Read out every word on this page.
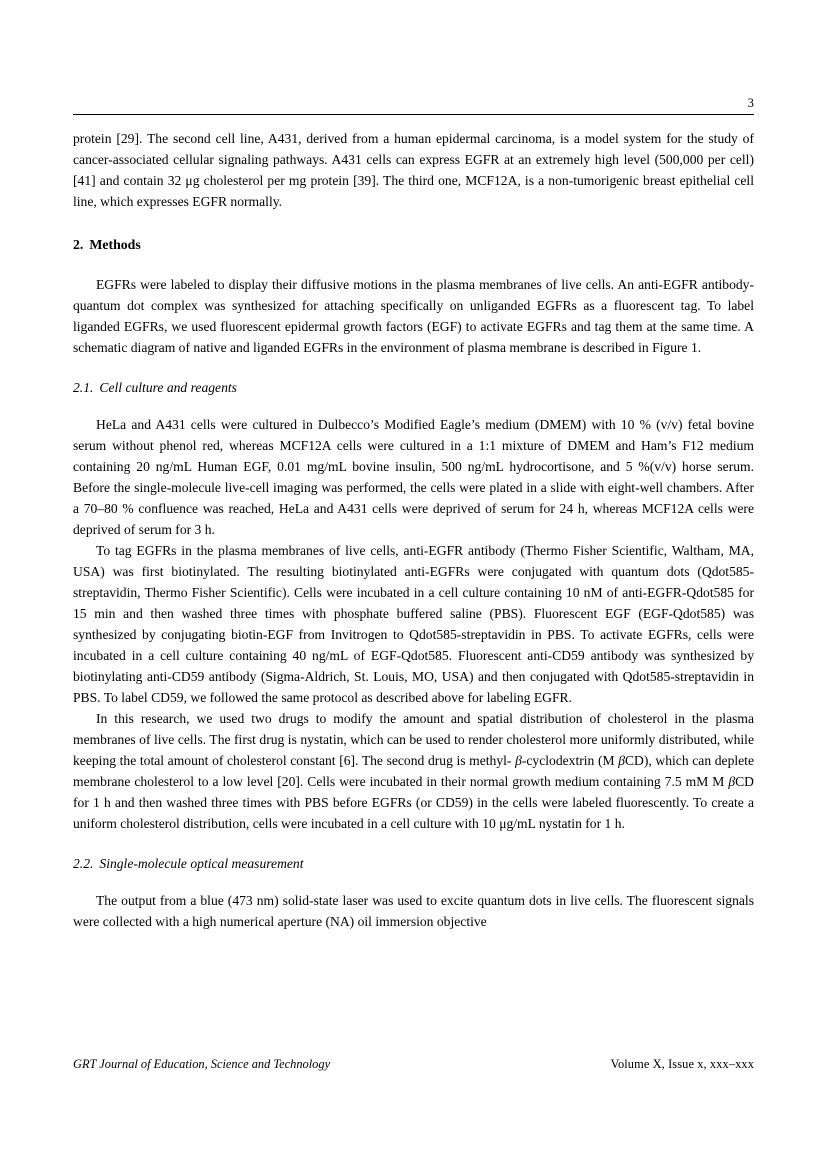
3

protein [29]. The second cell line, A431, derived from a human epidermal carcinoma, is a model system for the study of cancer-associated cellular signaling pathways. A431 cells can express EGFR at an extremely high level (500,000 per cell) [41] and contain 32 μg cholesterol per mg protein [39]. The third one, MCF12A, is a non-tumorigenic breast epithelial cell line, which expresses EGFR normally.

2. Methods

EGFRs were labeled to display their diffusive motions in the plasma membranes of live cells. An anti-EGFR antibody-quantum dot complex was synthesized for attaching specifically on unliganded EGFRs as a fluorescent tag. To label liganded EGFRs, we used fluorescent epidermal growth factors (EGF) to activate EGFRs and tag them at the same time. A schematic diagram of native and liganded EGFRs in the environment of plasma membrane is described in Figure 1.

2.1. Cell culture and reagents

HeLa and A431 cells were cultured in Dulbecco’s Modified Eagle’s medium (DMEM) with 10 % (v/v) fetal bovine serum without phenol red, whereas MCF12A cells were cultured in a 1:1 mixture of DMEM and Ham’s F12 medium containing 20 ng/mL Human EGF, 0.01 mg/mL bovine insulin, 500 ng/mL hydrocortisone, and 5 %(v/v) horse serum. Before the single-molecule live-cell imaging was performed, the cells were plated in a slide with eight-well chambers. After a 70–80 % confluence was reached, HeLa and A431 cells were deprived of serum for 24 h, whereas MCF12A cells were deprived of serum for 3 h.

To tag EGFRs in the plasma membranes of live cells, anti-EGFR antibody (Thermo Fisher Scientific, Waltham, MA, USA) was first biotinylated. The resulting biotinylated anti-EGFRs were conjugated with quantum dots (Qdot585-streptavidin, Thermo Fisher Scientific). Cells were incubated in a cell culture containing 10 nM of anti-EGFR-Qdot585 for 15 min and then washed three times with phosphate buffered saline (PBS). Fluorescent EGF (EGF-Qdot585) was synthesized by conjugating biotin-EGF from Invitrogen to Qdot585-streptavidin in PBS. To activate EGFRs, cells were incubated in a cell culture containing 40 ng/mL of EGF-Qdot585. Fluorescent anti-CD59 antibody was synthesized by biotinylating anti-CD59 antibody (Sigma-Aldrich, St. Louis, MO, USA) and then conjugated with Qdot585-streptavidin in PBS. To label CD59, we followed the same protocol as described above for labeling EGFR.

In this research, we used two drugs to modify the amount and spatial distribution of cholesterol in the plasma membranes of live cells. The first drug is nystatin, which can be used to render cholesterol more uniformly distributed, while keeping the total amount of cholesterol constant [6]. The second drug is methyl- β-cyclodextrin (M βCD), which can deplete membrane cholesterol to a low level [20]. Cells were incubated in their normal growth medium containing 7.5 mM M βCD for 1 h and then washed three times with PBS before EGFRs (or CD59) in the cells were labeled fluorescently. To create a uniform cholesterol distribution, cells were incubated in a cell culture with 10 μg/mL nystatin for 1 h.

2.2. Single-molecule optical measurement

The output from a blue (473 nm) solid-state laser was used to excite quantum dots in live cells. The fluorescent signals were collected with a high numerical aperture (NA) oil immersion objective

GRT Journal of Education, Science and Technology	Volume X, Issue x, xxx–xxx
